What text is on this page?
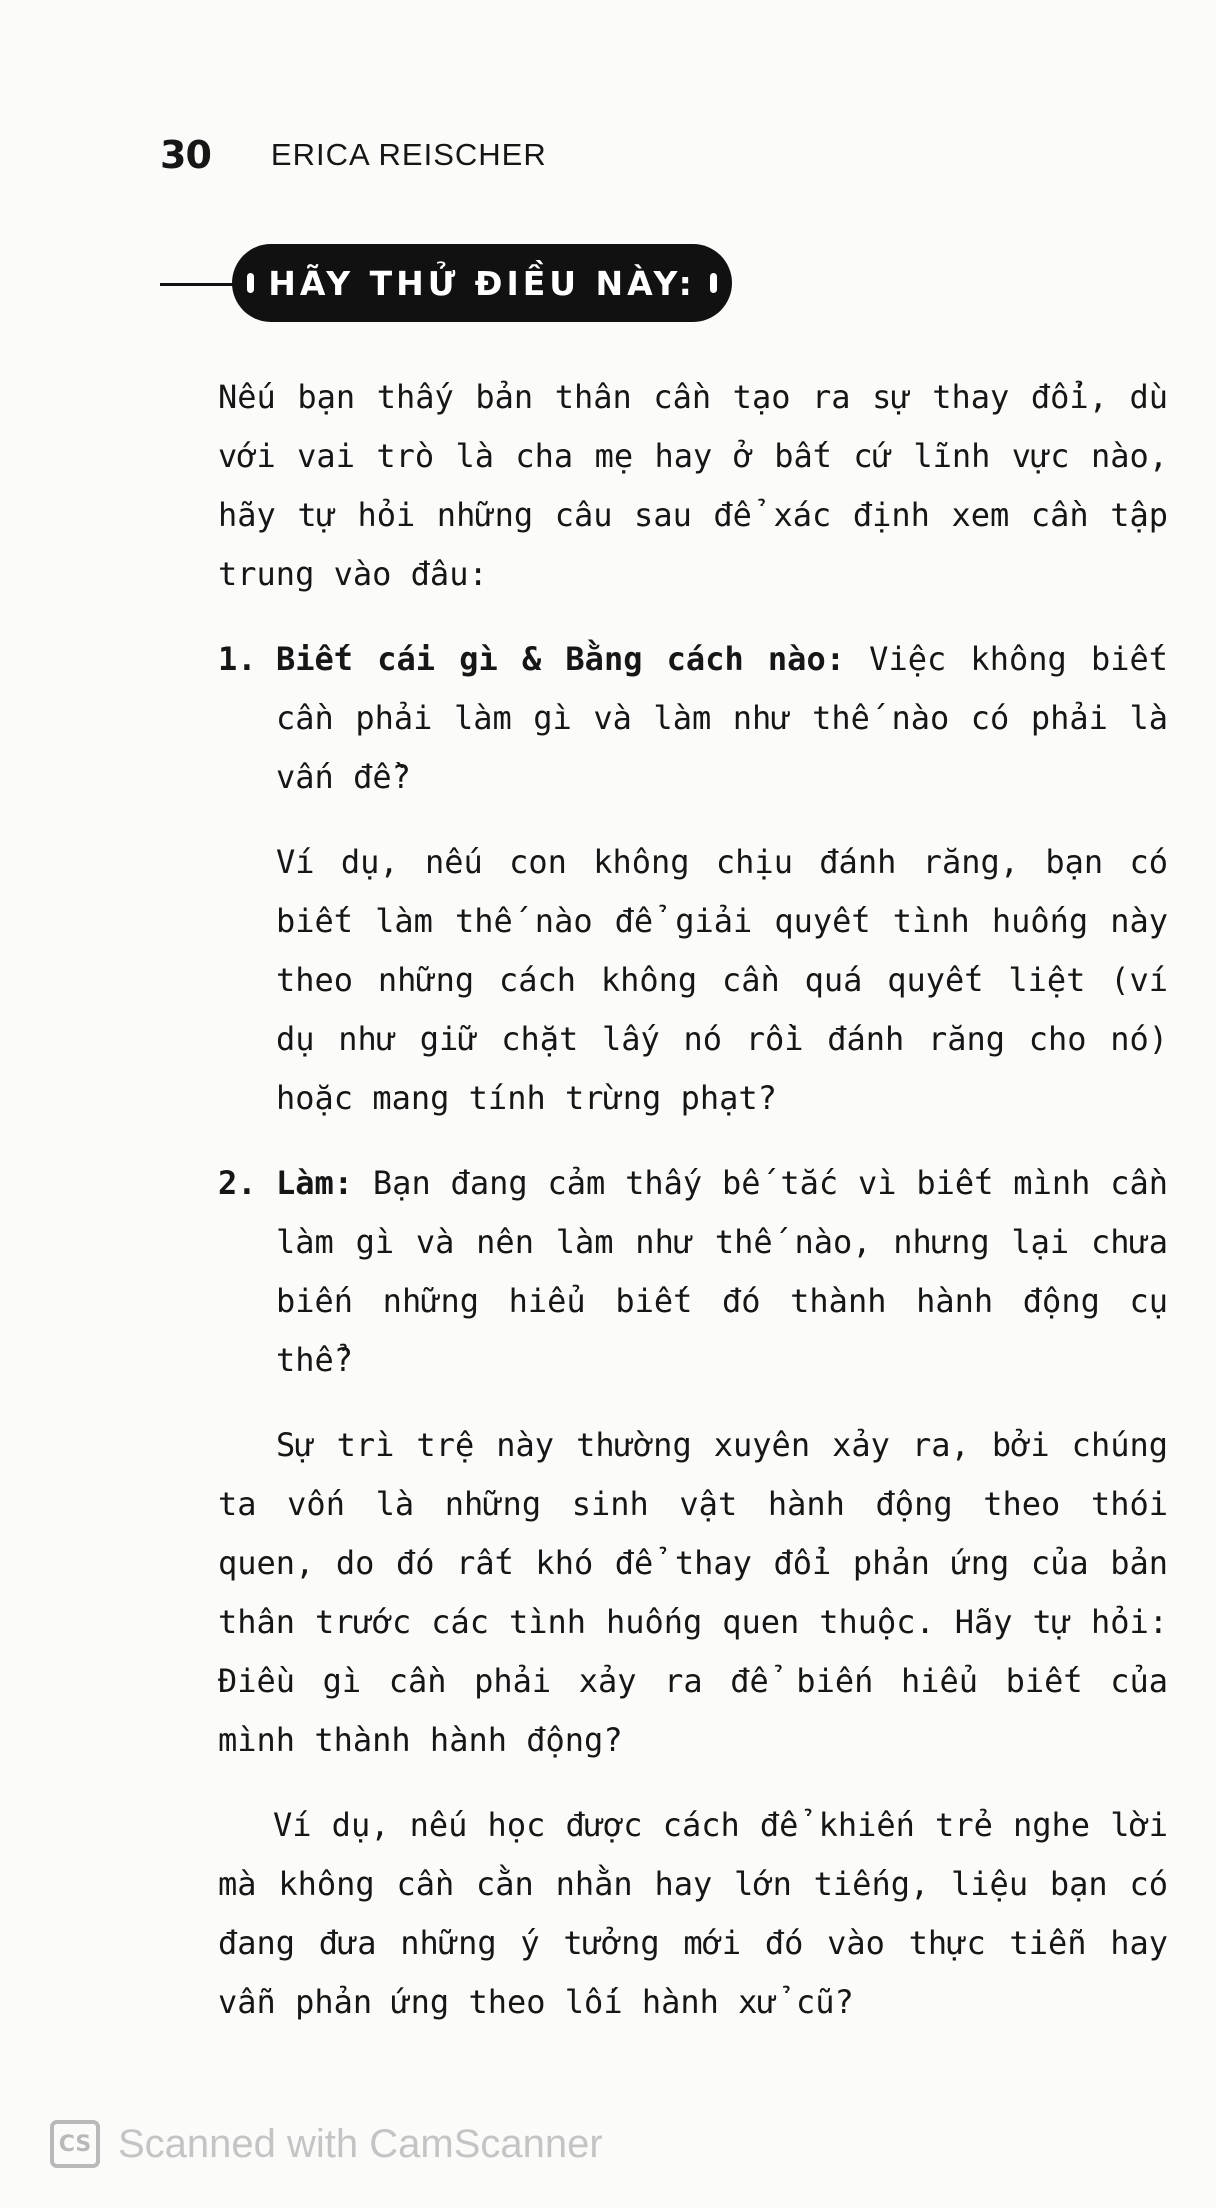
30 ERICA REISCHER
HÃY THỬ ĐIỀU NÀY:

Nếu bạn thấy bản thân cần tạo ra sự thay đổi, dù với vai trò là cha mẹ hay ở bất cứ lĩnh vực nào, hãy tự hỏi những câu sau để xác định xem cần tập trung vào đâu:

1. Biết cái gì & Bằng cách nào: Việc không biết cần phải làm gì và làm như thế nào có phải là vấn đề?

Ví dụ, nếu con không chịu đánh răng, bạn có biết làm thế nào để giải quyết tình huống này theo những cách không cần quá quyết liệt (ví dụ như giữ chặt lấy nó rồi đánh răng cho nó) hoặc mang tính trừng phạt?

2. Làm: Bạn đang cảm thấy bế tắc vì biết mình cần làm gì và nên làm như thế nào, nhưng lại chưa biến những hiểu biết đó thành hành động cụ thể?

Sự trì trệ này thường xuyên xảy ra, bởi chúng ta vốn là những sinh vật hành động theo thói quen, do đó rất khó để thay đổi phản ứng của bản thân trước các tình huống quen thuộc. Hãy tự hỏi: Điều gì cần phải xảy ra để biến hiểu biết của mình thành hành động?

Ví dụ, nếu học được cách để khiến trẻ nghe lời mà không cần cằn nhằn hay lớn tiếng, liệu bạn có đang đưa những ý tưởng mới đó vào thực tiễn hay vẫn phản ứng theo lối hành xử cũ?

CS Scanned with CamScanner
